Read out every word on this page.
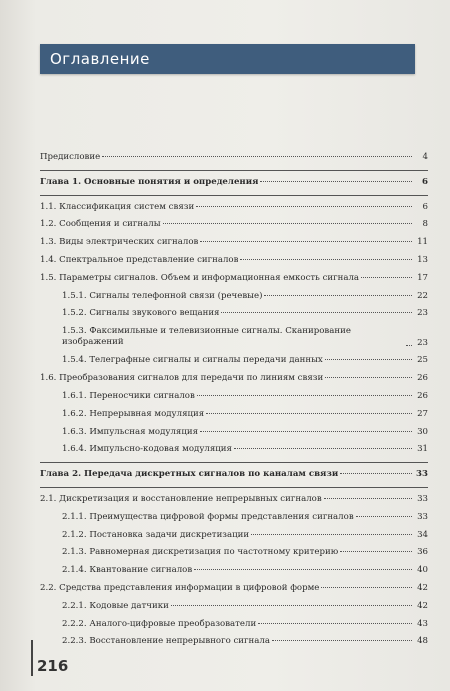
Оглавление
Предисловие	4
Глава 1. Основные понятия и определения	6
1.1. Классификация систем связи	6
1.2. Сообщения и сигналы	8
1.3. Виды электрических сигналов	11
1.4. Спектральное представление сигналов	13
1.5. Параметры сигналов. Объем и информационная емкость сигнала	17
1.5.1. Сигналы телефонной связи (речевые)	22
1.5.2. Сигналы звукового вещания	23
1.5.3. Факсимильные и телевизионные сигналы. Сканирование изображений	23
1.5.4. Телеграфные сигналы и сигналы передачи данных	25
1.6. Преобразования сигналов для передачи по линиям связи	26
1.6.1. Переносчики сигналов	26
1.6.2. Непрерывная модуляция	27
1.6.3. Импульсная модуляция	30
1.6.4. Импульсно-кодовая модуляция	31
Глава 2. Передача дискретных сигналов по каналам связи	33
2.1. Дискретизация и восстановление непрерывных сигналов	33
2.1.1. Преимущества цифровой формы представления сигналов	33
2.1.2. Постановка задачи дискретизации	34
2.1.3. Равномерная дискретизация по частотному критерию	36
2.1.4. Квантование сигналов	40
2.2. Средства представления информации в цифровой форме	42
2.2.1. Кодовые датчики	42
2.2.2. Аналого-цифровые преобразователи	43
2.2.3. Восстановление непрерывного сигнала	48
216
